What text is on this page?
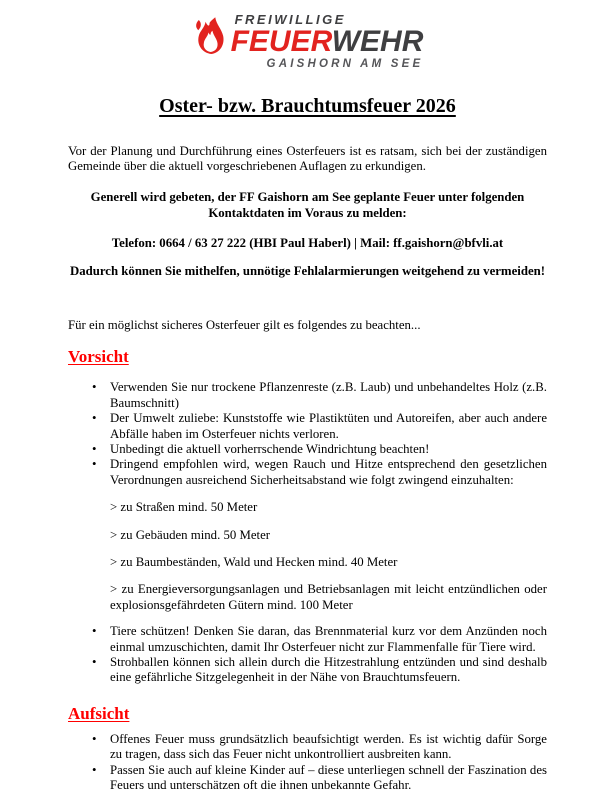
FREIWILLIGE
FEUERWEHR
GAISHORN AM SEE
Oster- bzw. Brauchtumsfeuer 2026

Vor der Planung und Durchführung eines Osterfeuers ist es ratsam, sich bei der zuständigen Gemeinde über die aktuell vorgeschriebenen Auflagen zu erkundigen.

Generell wird gebeten, der FF Gaishorn am See geplante Feuer unter folgenden Kontaktdaten im Voraus zu melden:

Telefon: 0664 / 63 27 222 (HBI Paul Haberl) | Mail: ff.gaishorn@bfvli.at

Dadurch können Sie mithelfen, unnötige Fehlalarmierungen weitgehend zu vermeiden!

Für ein möglichst sicheres Osterfeuer gilt es folgendes zu beachten...

Vorsicht
• Verwenden Sie nur trockene Pflanzenreste (z.B. Laub) und unbehandeltes Holz (z.B. Baumschnitt)
• Der Umwelt zuliebe: Kunststoffe wie Plastiktüten und Autoreifen, aber auch andere Abfälle haben im Osterfeuer nichts verloren.
• Unbedingt die aktuell vorherrschende Windrichtung beachten!
• Dringend empfohlen wird, wegen Rauch und Hitze entsprechend den gesetzlichen Verordnungen ausreichend Sicherheitsabstand wie folgt zwingend einzuhalten:
> zu Straßen mind. 50 Meter
> zu Gebäuden mind. 50 Meter
> zu Baumbeständen, Wald und Hecken mind. 40 Meter
> zu Energieversorgungsanlagen und Betriebsanlagen mit leicht entzündlichen oder explosionsgefährdeten Gütern mind. 100 Meter
• Tiere schützen! Denken Sie daran, das Brennmaterial kurz vor dem Anzünden noch einmal umzuschichten, damit Ihr Osterfeuer nicht zur Flammenfalle für Tiere wird.
• Strohballen können sich allein durch die Hitzestrahlung entzünden und sind deshalb eine gefährliche Sitzgelegenheit in der Nähe von Brauchtumsfeuern.
Aufsicht
• Offenes Feuer muss grundsätzlich beaufsichtigt werden. Es ist wichtig dafür Sorge zu tragen, dass sich das Feuer nicht unkontrolliert ausbreiten kann.
• Passen Sie auch auf kleine Kinder auf – diese unterliegen schnell der Faszination des Feuers und unterschätzen oft die ihnen unbekannte Gefahr.
